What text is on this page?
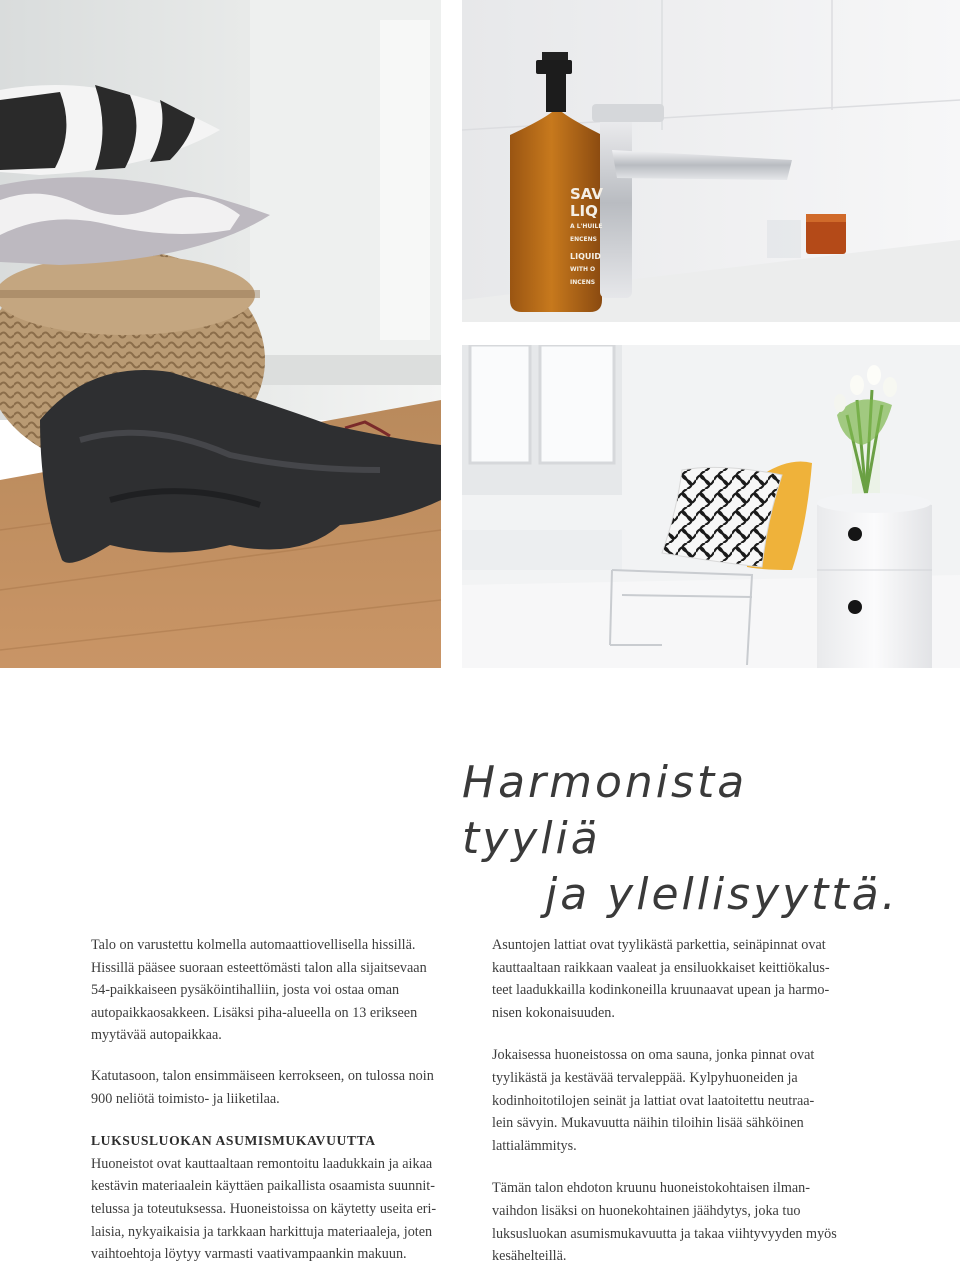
SAV
LIQ
A L'HUILE
ENCENS
LIQUID
WITH O
INCENS
Harmonista tyyliä
ja ylellisyyttä.

Talo on varustettu kolmella automaattiovellisella hissillä.
Hissillä pääsee suoraan esteettömästi talon alla sijaitsevaan
54-paikkaiseen pysäköintihalliin, josta voi ostaa oman
autopaikkaosakkeen. Lisäksi piha-alueella on 13 erikseen
myytävää autopaikkaa.

Katutasoon, talon ensimmäiseen kerrokseen, on tulossa noin
900 neliötä toimisto- ja liiketilaa.

LUKSUSLUOKAN ASUMISMUKAVUUTTA

Huoneistot ovat kauttaaltaan remontoitu laadukkain ja aikaa
kestävin materiaalein käyttäen paikallista osaamista suunnit-
telussa ja toteutuksessa. Huoneistoissa on käytetty useita eri-
laisia, nykyaikaisia ja tarkkaan harkittuja materiaaleja, joten
vaihtoehtoja löytyy varmasti vaativampaankin makuun.

Asuntojen lattiat ovat tyylikästä parkettia, seinäpinnat ovat
kauttaaltaan raikkaan vaaleat ja ensiluokkaiset keittiökalus-
teet laadukkailla kodinkoneilla kruunaavat upean ja harmo-
nisen kokonaisuuden.

Jokaisessa huoneistossa on oma sauna, jonka pinnat ovat
tyylikästä ja kestävää tervaleppää. Kylpyhuoneiden ja
kodinhoitotilojen seinät ja lattiat ovat laatoitettu neutraa-
lein sävyin. Mukavuutta näihin tiloihin lisää sähköinen
lattialämmitys.

Tämän talon ehdoton kruunu huoneistokohtaisen ilman-
vaihdon lisäksi on huonekohtainen jäähdytys, joka tuo
luksusluokan asumismukavuutta ja takaa viihtyvyyden myös
kesähelteillä.
